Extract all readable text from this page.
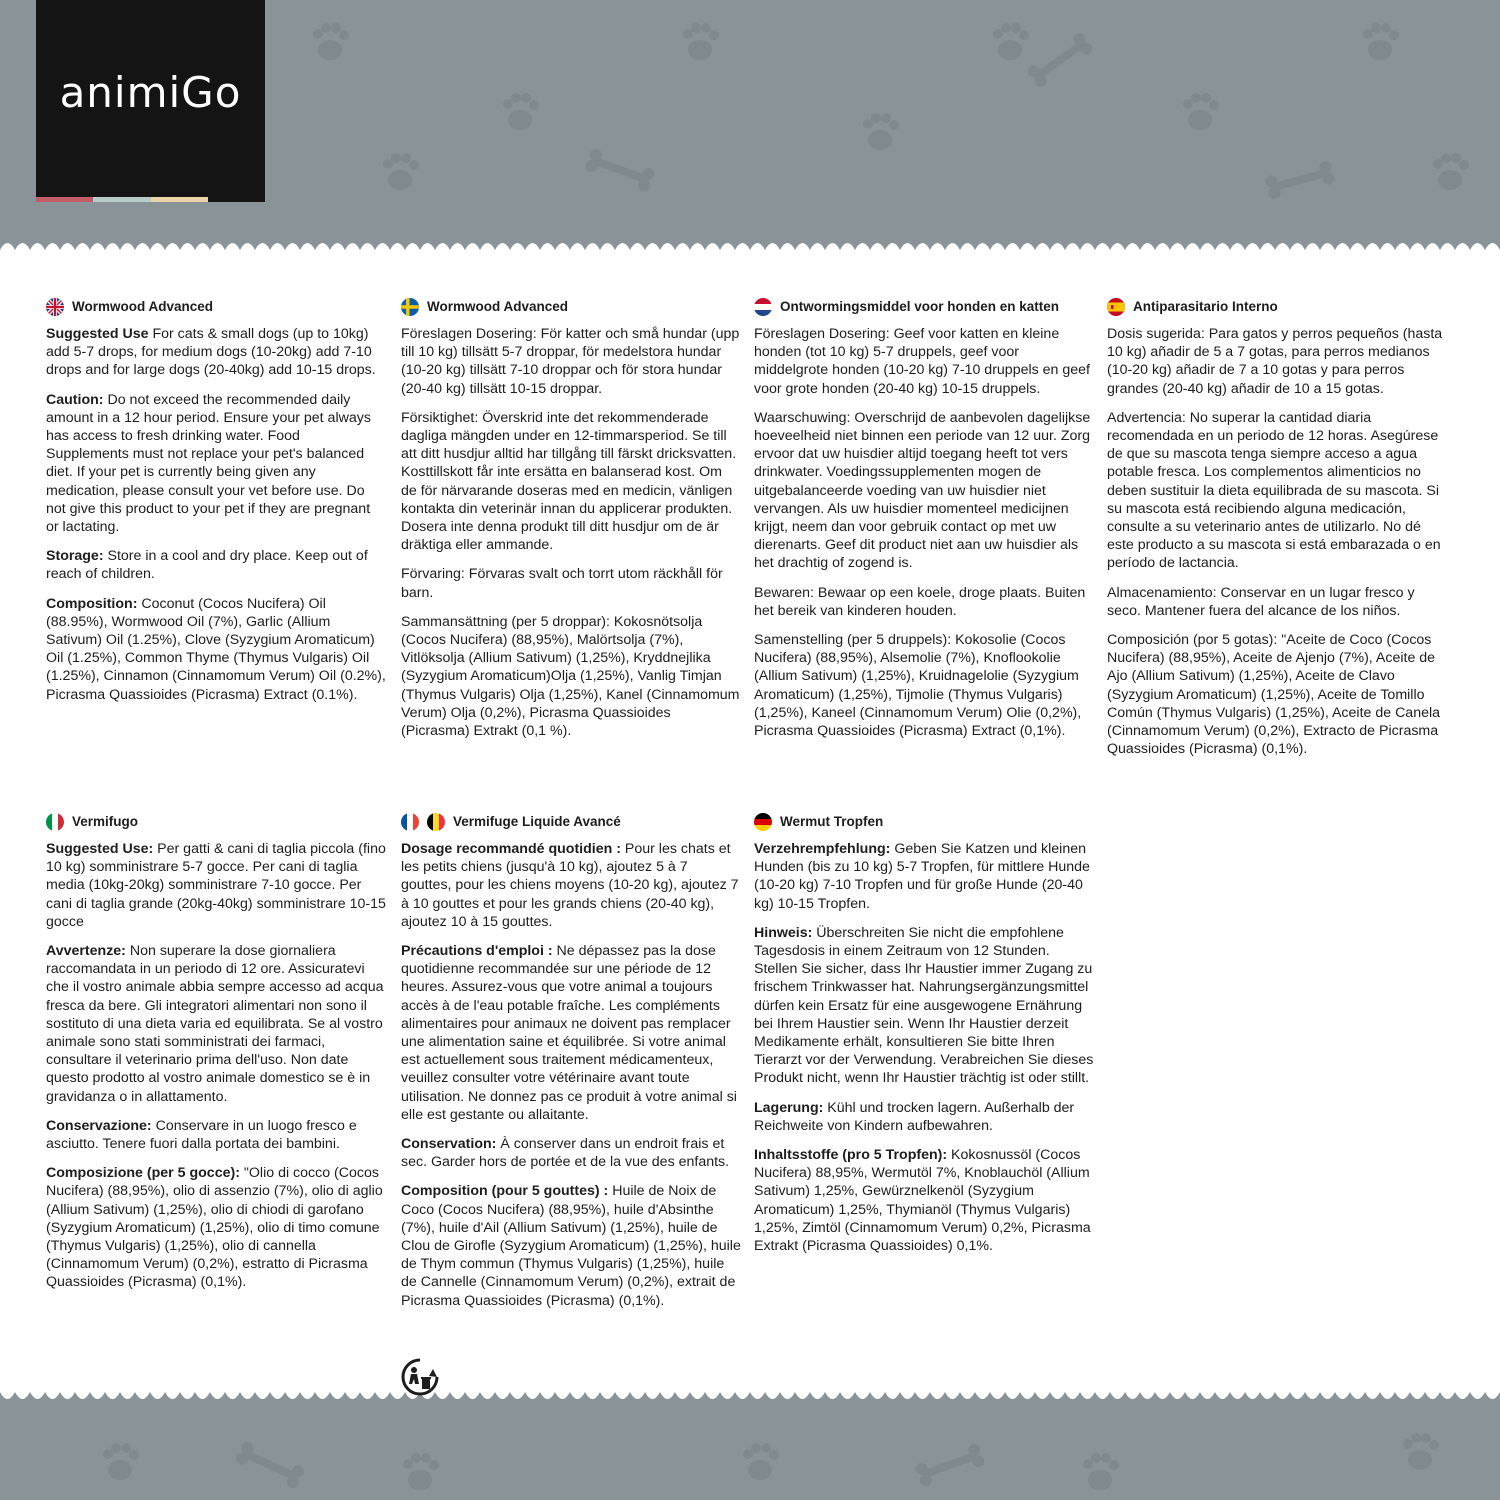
animiGo
Wormwood Advanced

Suggested Use For cats & small dogs (up to 10kg) add 5-7 drops, for medium dogs (10-20kg) add 7-10 drops and for large dogs (20-40kg) add 10-15 drops.

Caution: Do not exceed the recommended daily amount in a 12 hour period. Ensure your pet always has access to fresh drinking water. Food Supplements must not replace your pet's balanced diet. If your pet is currently being given any medication, please consult your vet before use. Do not give this product to your pet if they are pregnant or lactating.

Storage: Store in a cool and dry place. Keep out of reach of children.

Composition: Coconut (Cocos Nucifera) Oil (88.95%), Wormwood Oil (7%), Garlic (Allium Sativum) Oil (1.25%), Clove (Syzygium Aromaticum) Oil (1.25%), Common Thyme (Thymus Vulgaris) Oil (1.25%), Cinnamon (Cinnamomum Verum) Oil (0.2%), Picrasma Quassioides (Picrasma) Extract (0.1%).

Wormwood Advanced

Föreslagen Dosering: För katter och små hundar (upp till 10 kg) tillsätt 5-7 droppar, för medelstora hundar (10-20 kg) tillsätt 7-10 droppar och för stora hundar (20-40 kg) tillsätt 10-15 droppar.

Försiktighet: Överskrid inte det rekommenderade dagliga mängden under en 12-timmarsperiod. Se till att ditt husdjur alltid har tillgång till färskt dricksvatten. Kosttillskott får inte ersätta en balanserad kost. Om de för närvarande doseras med en medicin, vänligen kontakta din veterinär innan du applicerar produkten. Dosera inte denna produkt till ditt husdjur om de är dräktiga eller ammande.

Förvaring: Förvaras svalt och torrt utom räckhåll för barn.

Sammansättning (per 5 droppar): Kokosnötsolja (Cocos Nucifera) (88,95%), Malörtsolja (7%), Vitlöksolja (Allium Sativum) (1,25%), Kryddnejlika (Syzygium Aromaticum)Olja (1,25%), Vanlig Timjan (Thymus Vulgaris) Olja (1,25%), Kanel (Cinnamomum Verum) Olja (0,2%), Picrasma Quassioides (Picrasma) Extrakt (0,1 %).

Ontwormingsmiddel voor honden en katten

Föreslagen Dosering: Geef voor katten en kleine honden (tot 10 kg) 5-7 druppels, geef voor middelgrote honden (10-20 kg) 7-10 druppels en geef voor grote honden (20-40 kg) 10-15 druppels.

Waarschuwing: Overschrijd de aanbevolen dagelijkse hoeveelheid niet binnen een periode van 12 uur. Zorg ervoor dat uw huisdier altijd toegang heeft tot vers drinkwater. Voedingssupplementen mogen de uitgebalanceerde voeding van uw huisdier niet vervangen. Als uw huisdier momenteel medicijnen krijgt, neem dan voor gebruik contact op met uw dierenarts. Geef dit product niet aan uw huisdier als het drachtig of zogend is.

Bewaren: Bewaar op een koele, droge plaats. Buiten het bereik van kinderen houden.

Samenstelling (per 5 druppels): Kokosolie (Cocos Nucifera) (88,95%), Alsemolie (7%), Knoflookolie (Allium Sativum) (1,25%), Kruidnagelolie (Syzygium Aromaticum) (1,25%), Tijmolie (Thymus Vulgaris) (1,25%), Kaneel (Cinnamomum Verum) Olie (0,2%), Picrasma Quassioides (Picrasma) Extract (0,1%).

Antiparasitario Interno

Dosis sugerida: Para gatos y perros pequeños (hasta 10 kg) añadir de 5 a 7 gotas, para perros medianos (10-20 kg) añadir de 7 a 10 gotas y para perros grandes (20-40 kg) añadir de 10 a 15 gotas.

Advertencia: No superar la cantidad diaria recomendada en un periodo de 12 horas. Asegúrese de que su mascota tenga siempre acceso a agua potable fresca. Los complementos alimenticios no deben sustituir la dieta equilibrada de su mascota. Si su mascota está recibiendo alguna medicación, consulte a su veterinario antes de utilizarlo. No dé este producto a su mascota si está embarazada o en período de lactancia.

Almacenamiento: Conservar en un lugar fresco y seco. Mantener fuera del alcance de los niños.

Composición (por 5 gotas): "Aceite de Coco (Cocos Nucifera) (88,95%), Aceite de Ajenjo (7%), Aceite de Ajo (Allium Sativum) (1,25%), Aceite de Clavo (Syzygium Aromaticum) (1,25%), Aceite de Tomillo Común (Thymus Vulgaris) (1,25%), Aceite de Canela (Cinnamomum Verum) (0,2%), Extracto de Picrasma Quassioides (Picrasma) (0,1%).

Vermifugo

Suggested Use: Per gatti & cani di taglia piccola (fino 10 kg) somministrare 5-7 gocce. Per cani di taglia media (10kg-20kg) somministrare 7-10 gocce. Per cani di taglia grande (20kg-40kg) somministrare 10-15 gocce

Avvertenze: Non superare la dose giornaliera raccomandata in un periodo di 12 ore. Assicuratevi che il vostro animale abbia sempre accesso ad acqua fresca da bere. Gli integratori alimentari non sono il sostituto di una dieta varia ed equilibrata. Se al vostro animale sono stati somministrati dei farmaci, consultare il veterinario prima dell'uso. Non date questo prodotto al vostro animale domestico se è in gravidanza o in allattamento.

Conservazione: Conservare in un luogo fresco e asciutto. Tenere fuori dalla portata dei bambini.

Composizione (per 5 gocce): "Olio di cocco (Cocos Nucifera) (88,95%), olio di assenzio (7%), olio di aglio (Allium Sativum) (1,25%), olio di chiodi di garofano (Syzygium Aromaticum) (1,25%), olio di timo comune (Thymus Vulgaris) (1,25%), olio di cannella (Cinnamomum Verum) (0,2%), estratto di Picrasma Quassioides (Picrasma) (0,1%).

Vermifuge Liquide Avancé

Dosage recommandé quotidien : Pour les chats et les petits chiens (jusqu'à 10 kg), ajoutez 5 à 7 gouttes, pour les chiens moyens (10-20 kg), ajoutez 7 à 10 gouttes et pour les grands chiens (20-40 kg), ajoutez 10 à 15 gouttes.

Précautions d'emploi : Ne dépassez pas la dose quotidienne recommandée sur une période de 12 heures. Assurez-vous que votre animal a toujours accès à de l'eau potable fraîche. Les compléments alimentaires pour animaux ne doivent pas remplacer une alimentation saine et équilibrée. Si votre animal est actuellement sous traitement médicamenteux, veuillez consulter votre vétérinaire avant toute utilisation. Ne donnez pas ce produit à votre animal si elle est gestante ou allaitante.

Conservation: À conserver dans un endroit frais et sec. Garder hors de portée et de la vue des enfants.

Composition (pour 5 gouttes) : Huile de Noix de Coco (Cocos Nucifera) (88,95%), huile d'Absinthe (7%), huile d'Ail (Allium Sativum) (1,25%), huile de Clou de Girofle (Syzygium Aromaticum) (1,25%), huile de Thym commun (Thymus Vulgaris) (1,25%), huile de Cannelle (Cinnamomum Verum) (0,2%), extrait de Picrasma Quassioides (Picrasma) (0,1%).

Wermut Tropfen

Verzehrempfehlung: Geben Sie Katzen und kleinen Hunden (bis zu 10 kg) 5-7 Tropfen, für mittlere Hunde (10-20 kg) 7-10 Tropfen und für große Hunde (20-40 kg) 10-15 Tropfen.

Hinweis: Überschreiten Sie nicht die empfohlene Tagesdosis in einem Zeitraum von 12 Stunden. Stellen Sie sicher, dass Ihr Haustier immer Zugang zu frischem Trinkwasser hat. Nahrungsergänzungsmittel dürfen kein Ersatz für eine ausgewogene Ernährung bei Ihrem Haustier sein. Wenn Ihr Haustier derzeit Medikamente erhält, konsultieren Sie bitte Ihren Tierarzt vor der Verwendung. Verabreichen Sie dieses Produkt nicht, wenn Ihr Haustier trächtig ist oder stillt.

Lagerung: Kühl und trocken lagern. Außerhalb der Reichweite von Kindern aufbewahren.

Inhaltsstoffe (pro 5 Tropfen): Kokosnussöl (Cocos Nucifera) 88,95%, Wermutöl 7%, Knoblauchöl (Allium Sativum) 1,25%, Gewürznelkenöl (Syzygium Aromaticum) 1,25%, Thymianöl (Thymus Vulgaris) 1,25%, Zimtöl (Cinnamomum Verum) 0,2%, Picrasma Extrakt (Picrasma Quassioides) 0,1%.
